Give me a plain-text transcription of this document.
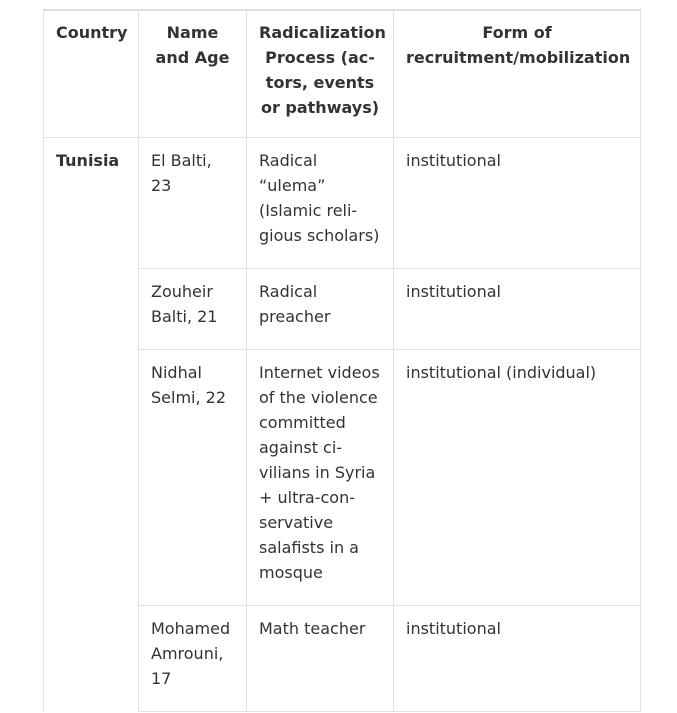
Country	Name and Age	Radicalization Process (ac-tors, events or pathways)	Form of recruitment/mobilization
Tunisia	El Balti, 23	Radical “ulema” (Islamic reli-gious scholars)	institutional
	Zouheir Balti, 21	Radical preacher	institutional
	Nidhal Selmi, 22	Internet videos of the violence committed against ci-vilians in Syria + ultra-con-servative salafists in a mosque	institutional (individual)
	Mohamed Amrouni, 17	Math teacher	institutional
